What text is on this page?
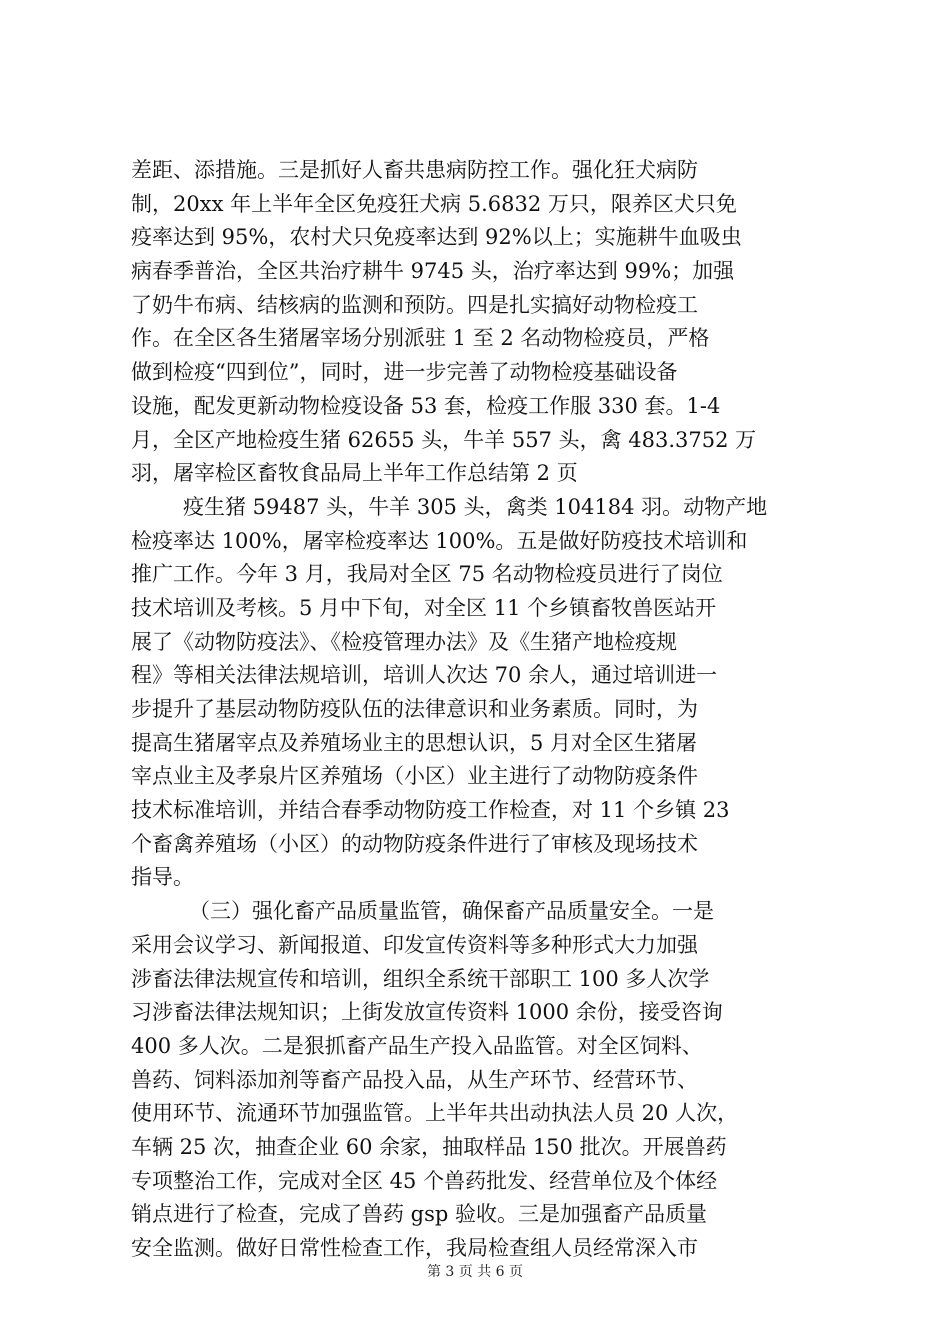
差距、添措施。三是抓好人畜共患病防控工作。强化狂犬病防
制，20xx 年上半年全区免疫狂犬病 5.6832 万只，限养区犬只免
疫率达到 95%，农村犬只免疫率达到 92%以上；实施耕牛血吸虫
病春季普治，全区共治疗耕牛 9745 头，治疗率达到 99%；加强
了奶牛布病、结核病的监测和预防。四是扎实搞好动物检疫工
作。在全区各生猪屠宰场分别派驻 1 至 2 名动物检疫员，严格
做到检疫“四到位”，同时，进一步完善了动物检疫基础设备
设施，配发更新动物检疫设备 53 套，检疫工作服 330 套。1-4
月，全区产地检疫生猪 62655 头，牛羊 557 头，禽 483.3752 万
羽，屠宰检区畜牧食品局上半年工作总结第 2 页
疫生猪 59487 头，牛羊 305 头，禽类 104184 羽。动物产地
检疫率达 100%，屠宰检疫率达 100%。五是做好防疫技术培训和
推广工作。今年 3 月，我局对全区 75 名动物检疫员进行了岗位
技术培训及考核。5 月中下旬，对全区 11 个乡镇畜牧兽医站开
展了《动物防疫法》、《检疫管理办法》及《生猪产地检疫规
程》等相关法律法规培训，培训人次达 70 余人，通过培训进一
步提升了基层动物防疫队伍的法律意识和业务素质。同时，为
提高生猪屠宰点及养殖场业主的思想认识，5 月对全区生猪屠
宰点业主及孝泉片区养殖场（小区）业主进行了动物防疫条件
技术标准培训，并结合春季动物防疫工作检查，对 11 个乡镇 23
个畜禽养殖场（小区）的动物防疫条件进行了审核及现场技术
指导。
（三）强化畜产品质量监管，确保畜产品质量安全。一是
采用会议学习、新闻报道、印发宣传资料等多种形式大力加强
涉畜法律法规宣传和培训，组织全系统干部职工 100 多人次学
习涉畜法律法规知识；上街发放宣传资料 1000 余份，接受咨询
400 多人次。二是狠抓畜产品生产投入品监管。对全区饲料、
兽药、饲料添加剂等畜产品投入品，从生产环节、经营环节、
使用环节、流通环节加强监管。上半年共出动执法人员 20 人次，
车辆 25 次，抽查企业 60 余家，抽取样品 150 批次。开展兽药
专项整治工作，完成对全区 45 个兽药批发、经营单位及个体经
销点进行了检查，完成了兽药 gsp 验收。三是加强畜产品质量
安全监测。做好日常性检查工作，我局检查组人员经常深入市
第 3 页 共 6 页
